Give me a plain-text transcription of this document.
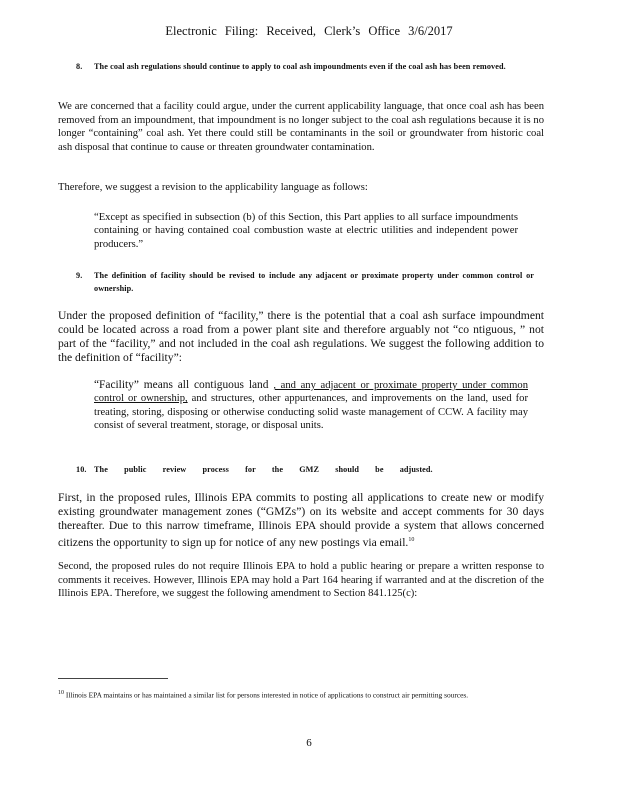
Electronic Filing: Received, Clerk’s Office 3/6/2017
8. The coal ash regulations should continue to apply to coal ash impoundments even if the coal ash has been removed.
We are concerned that a facility could argue, under the current applicability language, that once coal ash has been removed from an impoundment, that impoundment is no longer subject to the coal ash regulations because it is no longer “containing” coal ash. Yet there could still be contaminants in the soil or groundwater from historic coal ash disposal that continue to cause or threaten groundwater contamination.
Therefore, we suggest a revision to the applicability language as follows:
“Except as specified in subsection (b) of this Section, this Part applies to all surface impoundments containing or having contained coal combustion waste at electric utilities and independent power producers.”
9. The definition of facility should be revised to include any adjacent or proximate property under common control or ownership.
Under the proposed definition of “facility,” there is the potential that a coal ash surface impoundment could be located across a road from a power plant site and therefore arguably not “co ntiguous, ” not part of the “facility,” and not included in the coal ash regulations. We suggest the following addition to the definition of “facility”:
“Facility” means all contiguous land , and any adjacent or proximate property under common control or ownership, and structures, other appurtenances, and improvements on the land, used for treating, storing, disposing or otherwise conducting solid waste management of CCW. A facility may consist of several treatment, storage, or disposal units.
10. The public review process for the GMZ should be adjusted.
First, in the proposed rules, Illinois EPA commits to posting all applications to create new or modify existing groundwater management zones (“GMZs”) on its website and accept comments for 30 days thereafter. Due to this narrow timeframe, Illinois EPA should provide a system that allows concerned citizens the opportunity to sign up for notice of any new postings via email.$^{10}$
Second, the proposed rules do not require Illinois EPA to hold a public hearing or prepare a written response to comments it receives. However, Illinois EPA may hold a Part 164 hearing if warranted and at the discretion of the Illinois EPA. Therefore, we suggest the following amendment to Section 841.125(c):
$^{10}$ Illinois EPA maintains or has maintained a similar list for persons interested in notice of applications to construct air permitting sources.
6
